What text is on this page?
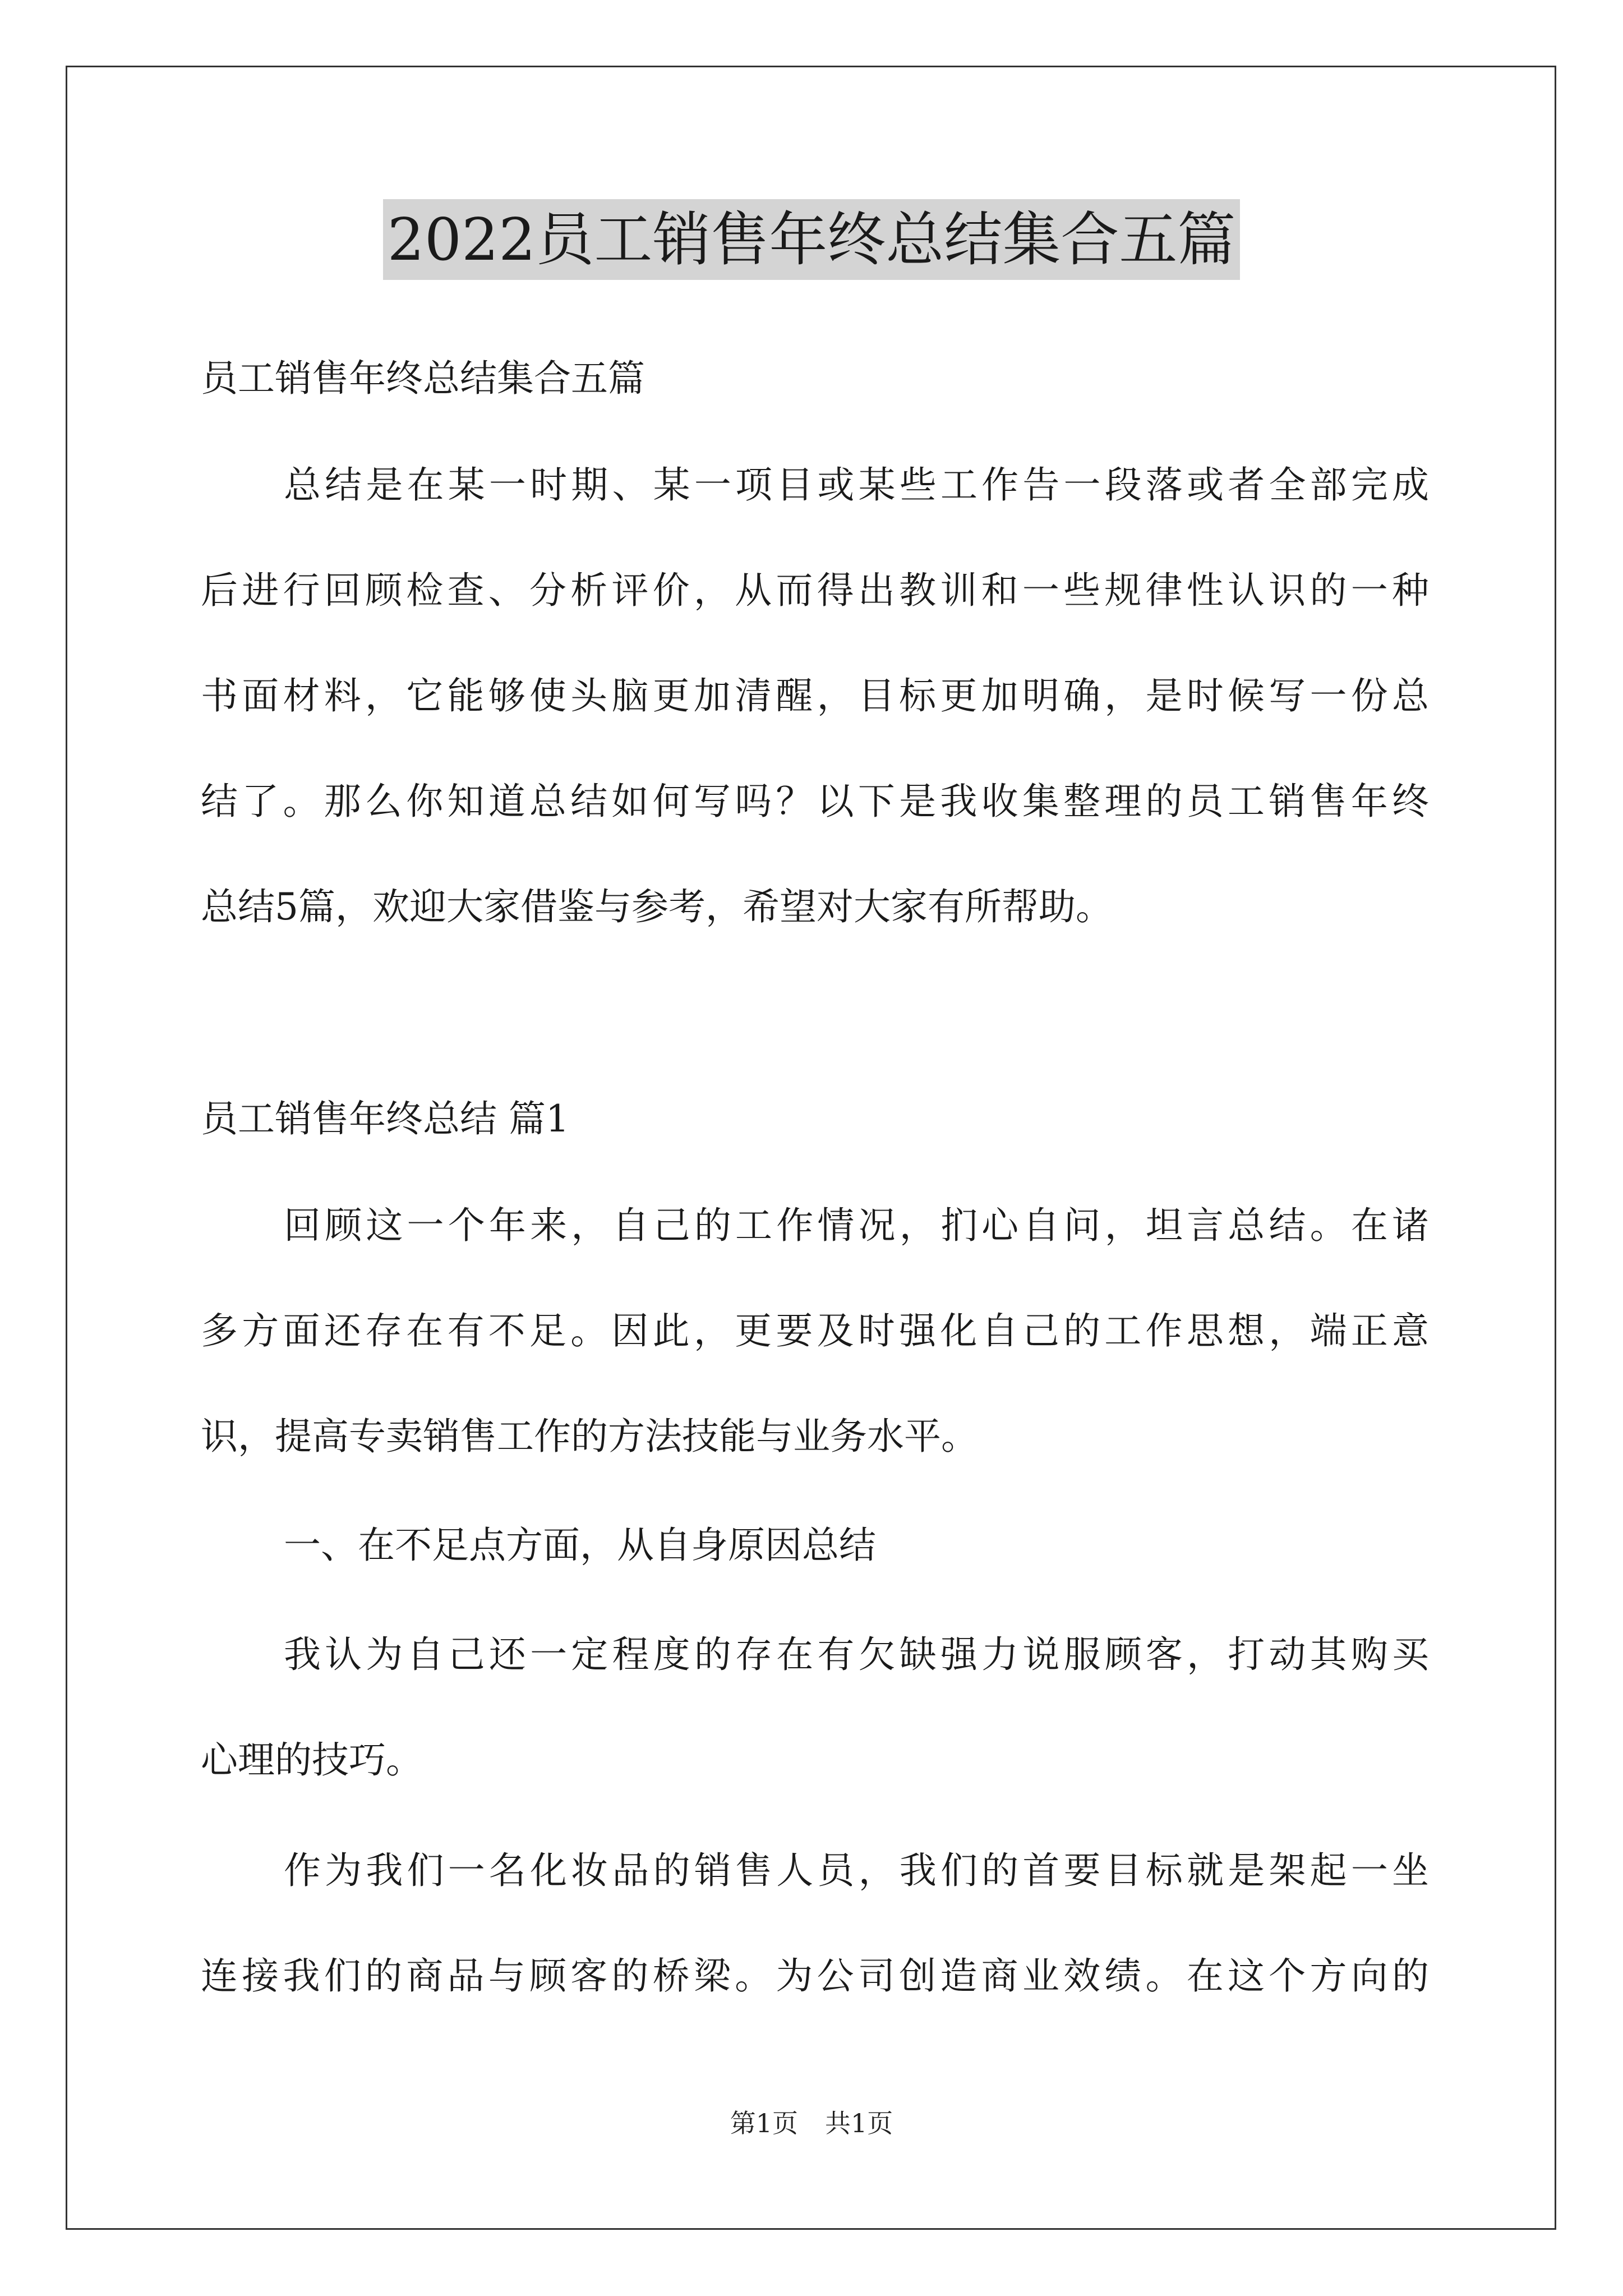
2022员工销售年终总结集合五篇
员工销售年终总结集合五篇
总结是在某一时期、某一项目或某些工作告一段落或者全部完成
后进行回顾检查、分析评价，从而得出教训和一些规律性认识的一种
书面材料，它能够使头脑更加清醒，目标更加明确，是时候写一份总
结了。那么你知道总结如何写吗？以下是我收集整理的员工销售年终
总结5篇，欢迎大家借鉴与参考，希望对大家有所帮助。
员工销售年终总结 篇1
回顾这一个年来，自己的工作情况，扪心自问，坦言总结。在诸
多方面还存在有不足。因此，更要及时强化自己的工作思想，端正意
识，提高专卖销售工作的方法技能与业务水平。
一、在不足点方面，从自身原因总结
我认为自己还一定程度的存在有欠缺强力说服顾客，打动其购买
心理的技巧。
作为我们一名化妆品的销售人员，我们的首要目标就是架起一坐
连接我们的商品与顾客的桥梁。为公司创造商业效绩。在这个方向的
第1页 共1页
